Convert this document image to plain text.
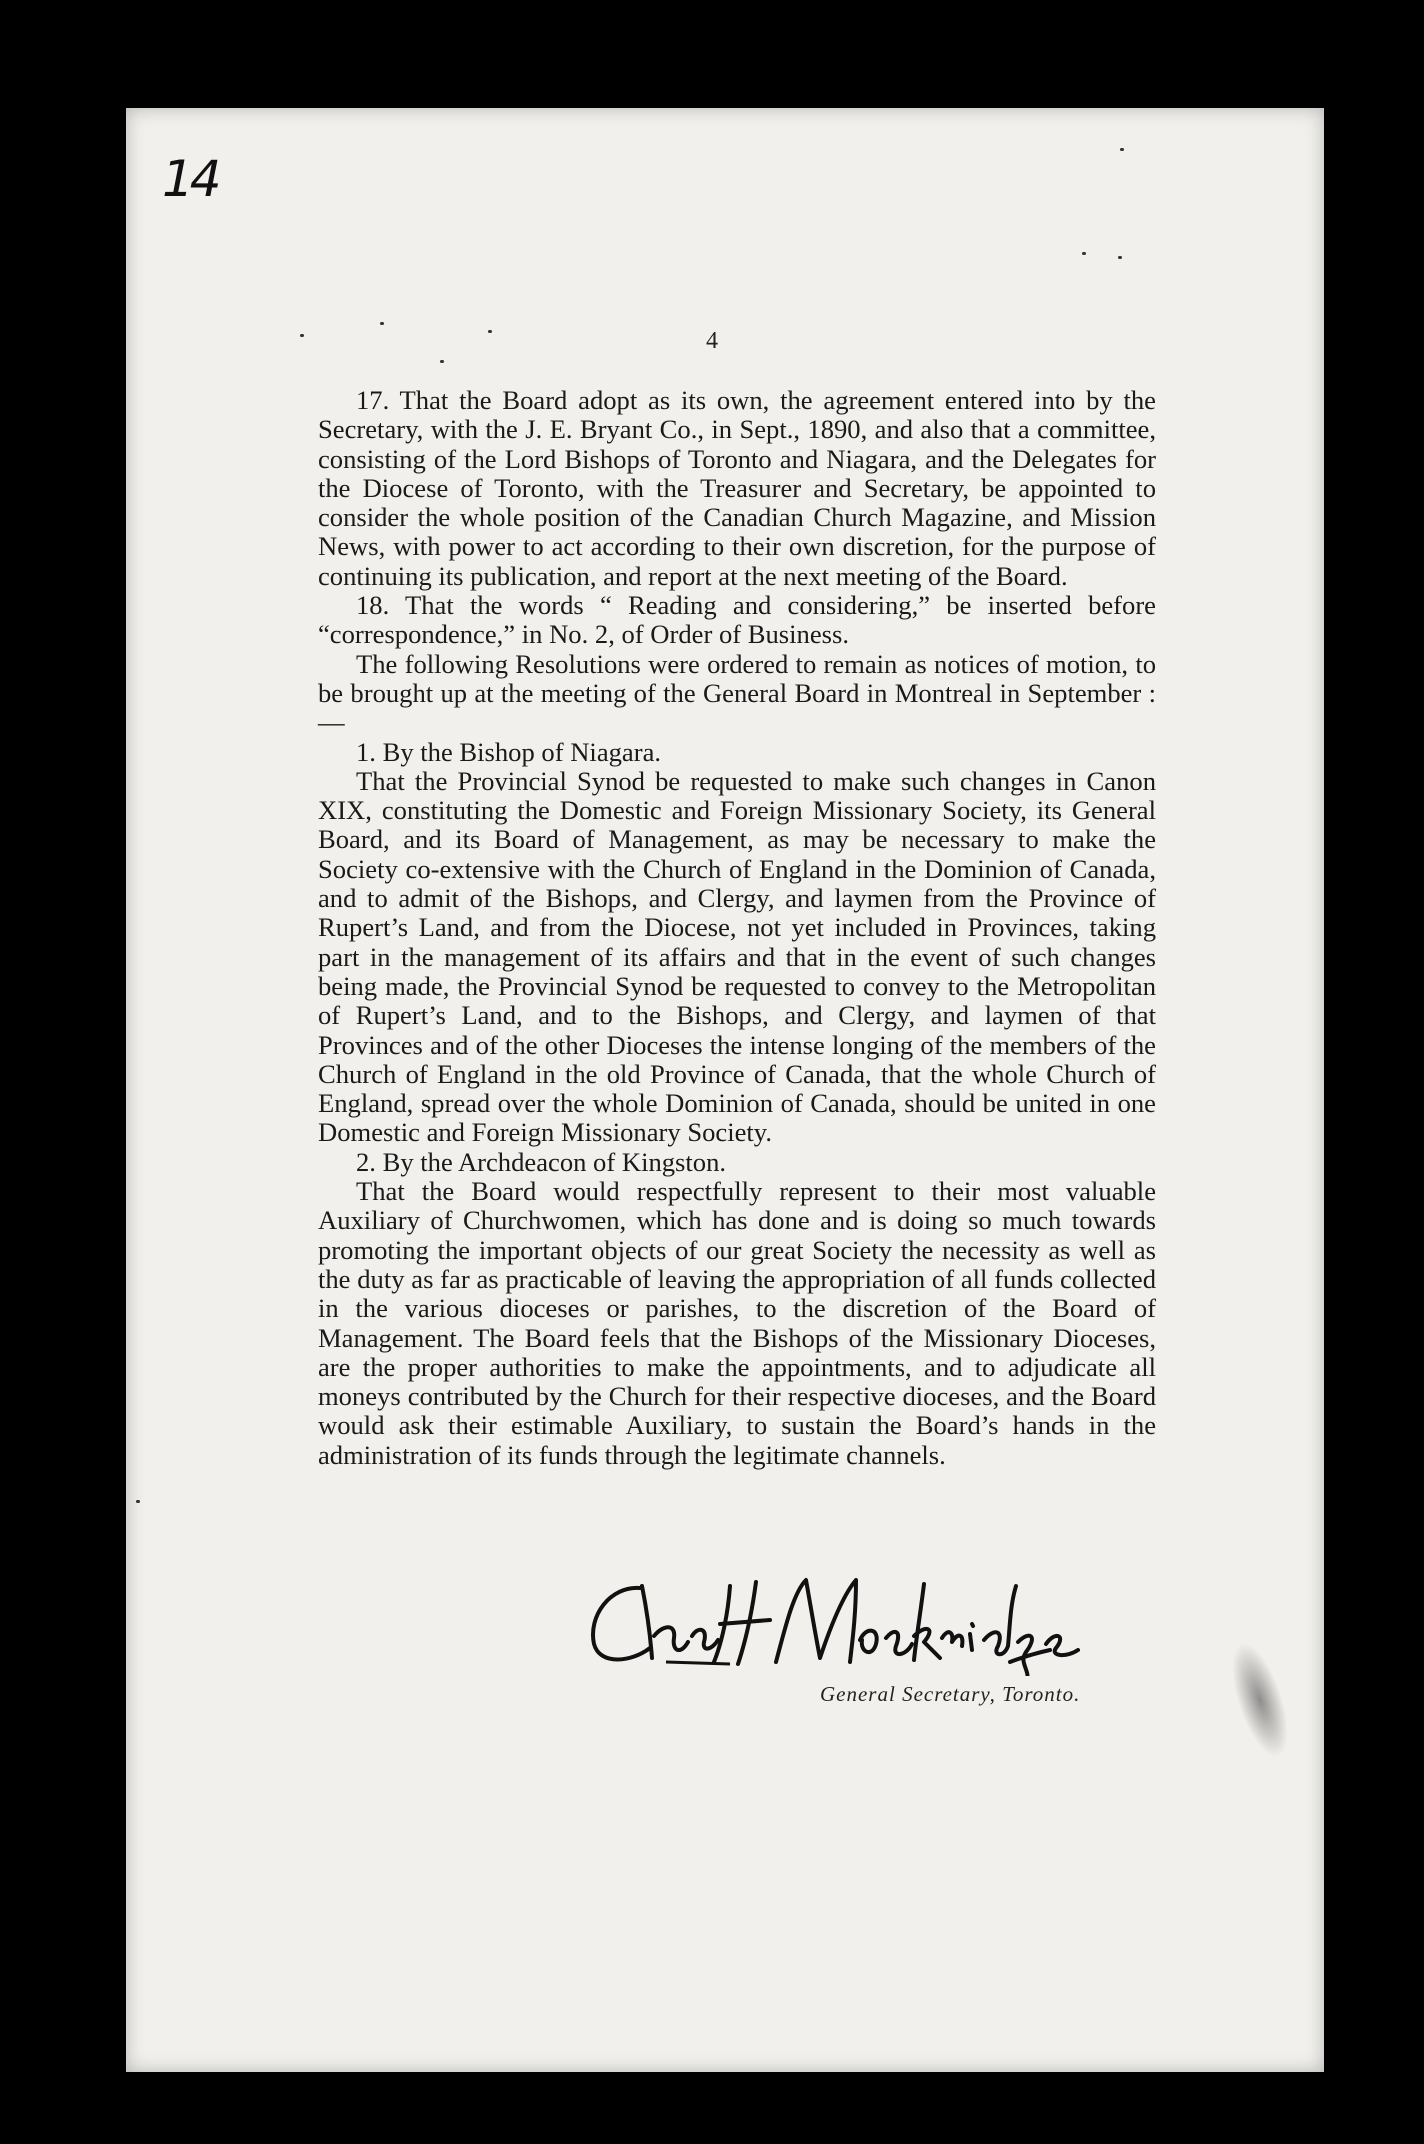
14
4

17. That the Board adopt as its own, the agreement entered into by the Secretary, with the J. E. Bryant Co., in Sept., 1890, and also that a committee, consisting of the Lord Bishops of Toronto and Niagara, and the Delegates for the Diocese of Toronto, with the Treasurer and Secretary, be appointed to consider the whole position of the Canadian Church Magazine, and Mission News, with power to act according to their own discretion, for the purpose of continuing its publication, and report at the next meeting of the Board.

18. That the words “ Reading and considering,” be inserted before “correspondence,” in No. 2, of Order of Business.

The following Resolutions were ordered to remain as notices of motion, to be brought up at the meeting of the General Board in Montreal in September :—

1. By the Bishop of Niagara.

That the Provincial Synod be requested to make such changes in Canon XIX, constituting the Domestic and Foreign Missionary Society, its General Board, and its Board of Management, as may be necessary to make the Society co-extensive with the Church of England in the Dominion of Canada, and to admit of the Bishops, and Clergy, and laymen from the Province of Rupert’s Land, and from the Diocese, not yet included in Provinces, taking part in the management of its affairs and that in the event of such changes being made, the Provincial Synod be requested to convey to the Metropolitan of Rupert’s Land, and to the Bishops, and Clergy, and laymen of that Provinces and of the other Dioceses the intense longing of the members of the Church of England in the old Province of Canada, that the whole Church of England, spread over the whole Dominion of Canada, should be united in one Domestic and Foreign Missionary Society.

2. By the Archdeacon of Kingston.

That the Board would respectfully represent to their most valuable Auxiliary of Churchwomen, which has done and is doing so much towards promoting the important objects of our great Society the necessity as well as the duty as far as practicable of leaving the appropriation of all funds collected in the various dioceses or parishes, to the discretion of the Board of Management. The Board feels that the Bishops of the Missionary Dioceses, are the proper authorities to make the appointments, and to adjudicate all moneys contributed by the Church for their respective dioceses, and the Board would ask their estimable Auxiliary, to sustain the Board’s hands in the administration of its funds through the legitimate channels.

General Secretary, Toronto.
